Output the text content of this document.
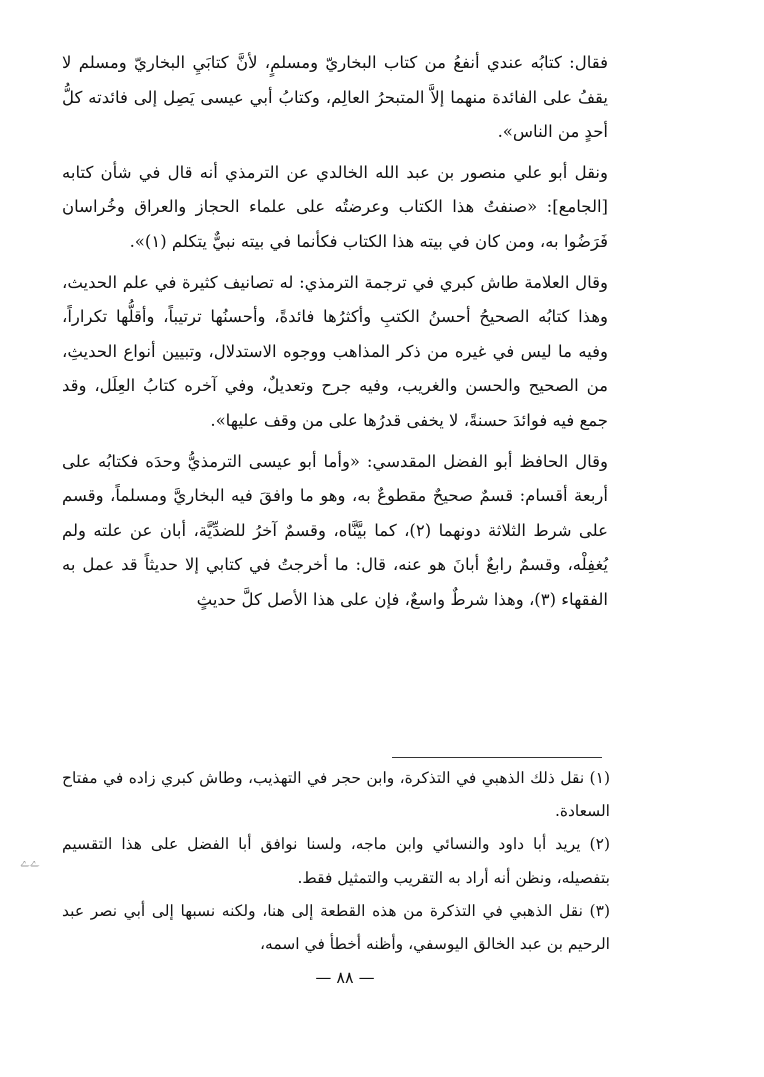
فقال: كتابُه عندي أنفعُ من كتاب البخاريّ ومسلمٍ، لأنَّ كتابَيِ البخاريّ ومسلم لا يقفُ على الفائدة منهما إلاَّ المتبحرُ العالِم، وكتابُ أبي عيسى يَصِل إلى فائدته كلُّ أحدٍ من الناس».

ونقل أبو علي منصور بن عبد الله الخالدي عن الترمذي أنه قال في شأن كتابه [الجامع]: «صنفتُ هذا الكتاب وعرضتُه على علماء الحجاز والعراق وخُراسان فَرَضُوا به، ومن كان في بيته هذا الكتاب فكأنما في بيته نبيٌّ يتكلم (١)».

وقال العلامة طاش كبري في ترجمة الترمذي: له تصانيف كثيرة في علم الحديث، وهذا كتابُه الصحيحُ أحسنُ الكتبِ وأكثرُها فائدةً، وأحسنُها ترتيباً، وأقلُّها تكراراً، وفيه ما ليس في غيره من ذكر المذاهب ووجوه الاستدلال، وتبيين أنواع الحديثِ، من الصحيح والحسن والغريب، وفيه جرح وتعديلٌ، وفي آخره كتابُ العِلَل، وقد جمع فيه فوائدَ حسنةً، لا يخفى قدرُها على من وقف عليها».

وقال الحافظ أبو الفضل المقدسي: «وأما أبو عيسى الترمذيُّ وحدَه فكتابُه على أربعة أقسام: قسمٌ صحيحٌ مقطوعٌ به، وهو ما وافقَ فيه البخاريَّ ومسلماً، وقسم على شرط الثلاثة دونهما (٢)، كما بيَّنَّاه، وقسمٌ آخرُ للضدِّيَّة، أبان عن علته ولم يُغفِلْه، وقسمٌ رابعٌ أبانَ هو عنه، قال: ما أخرجتُ في كتابي إلا حديثاً قد عمل به الفقهاء (٣)، وهذا شرطٌ واسعٌ، فإن على هذا الأصل كلَّ حديثٍ

(١) نقل ذلك الذهبي في التذكرة، وابن حجر في التهذيب، وطاش كبري زاده في مفتاح السعادة.

(٢) يريد أبا داود والنسائي وابن ماجه، ولسنا نوافق أبا الفضل على هذا التقسيم بتفصيله، ونظن أنه أراد به التقريب والتمثيل فقط.

(٣) نقل الذهبي في التذكرة من هذه القطعة إلى هنا، ولكنه نسبها إلى أبي نصر عبد الرحيم بن عبد الخالق اليوسفي، وأظنه أخطأ في اسمه،

ﮮﮮ
— ٨٨ —
